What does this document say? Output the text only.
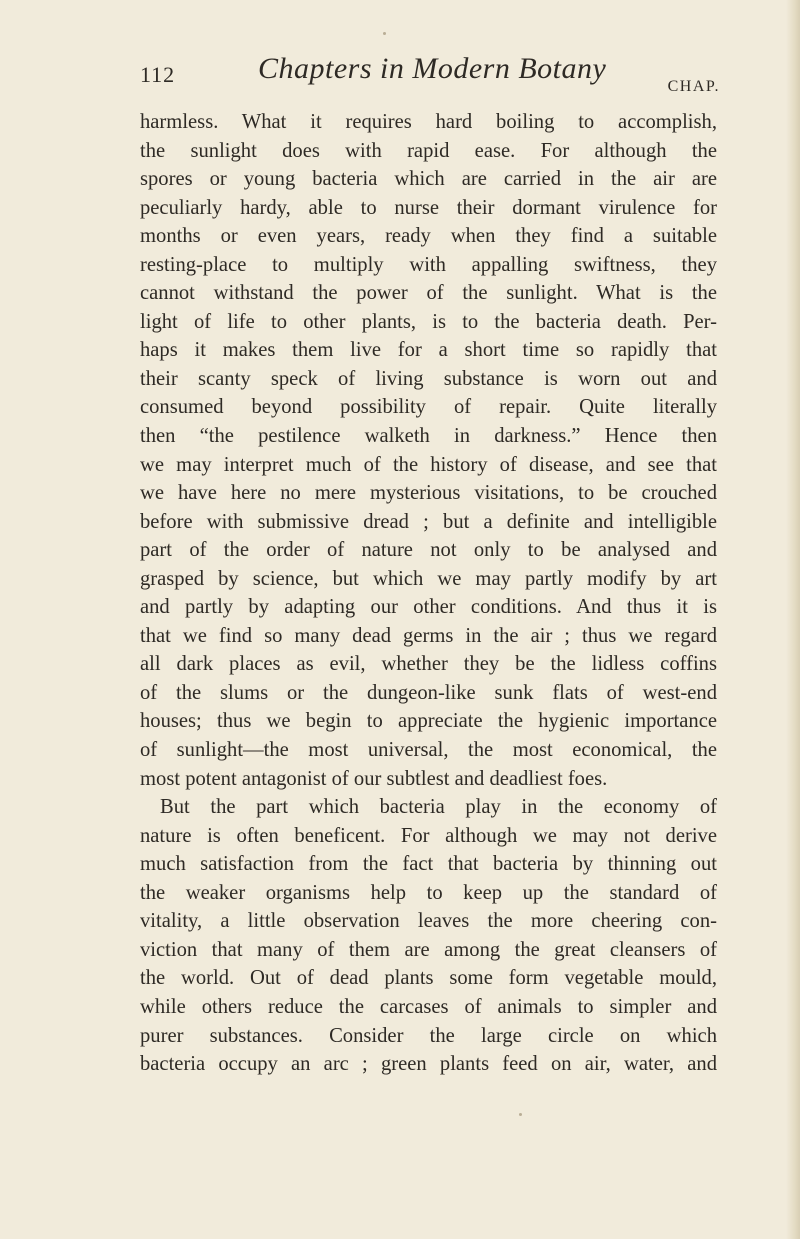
112	Chapters in Modern Botany
CHAP.
harmless. What it requires hard boiling to accomplish,
the sunlight does with rapid ease. For although the
spores or young bacteria which are carried in the air are
peculiarly hardy, able to nurse their dormant virulence for
months or even years, ready when they find a suitable
resting-place to multiply with appalling swiftness, they
cannot withstand the power of the sunlight. What is the
light of life to other plants, is to the bacteria death. Per-
haps it makes them live for a short time so rapidly that
their scanty speck of living substance is worn out and
consumed beyond possibility of repair. Quite literally
then “the pestilence walketh in darkness.” Hence then
we may interpret much of the history of disease, and see that
we have here no mere mysterious visitations, to be crouched
before with submissive dread ; but a definite and intelligible
part of the order of nature not only to be analysed and
grasped by science, but which we may partly modify by art
and partly by adapting our other conditions. And thus it is
that we find so many dead germs in the air ; thus we regard
all dark places as evil, whether they be the lidless coffins
of the slums or the dungeon-like sunk flats of west-end
houses; thus we begin to appreciate the hygienic importance
of sunlight—the most universal, the most economical, the
most potent antagonist of our subtlest and deadliest foes.
But the part which bacteria play in the economy of
nature is often beneficent. For although we may not derive
much satisfaction from the fact that bacteria by thinning out
the weaker organisms help to keep up the standard of
vitality, a little observation leaves the more cheering con-
viction that many of them are among the great cleansers of
the world. Out of dead plants some form vegetable mould,
while others reduce the carcases of animals to simpler and
purer substances. Consider the large circle on which
bacteria occupy an arc ; green plants feed on air, water, and
